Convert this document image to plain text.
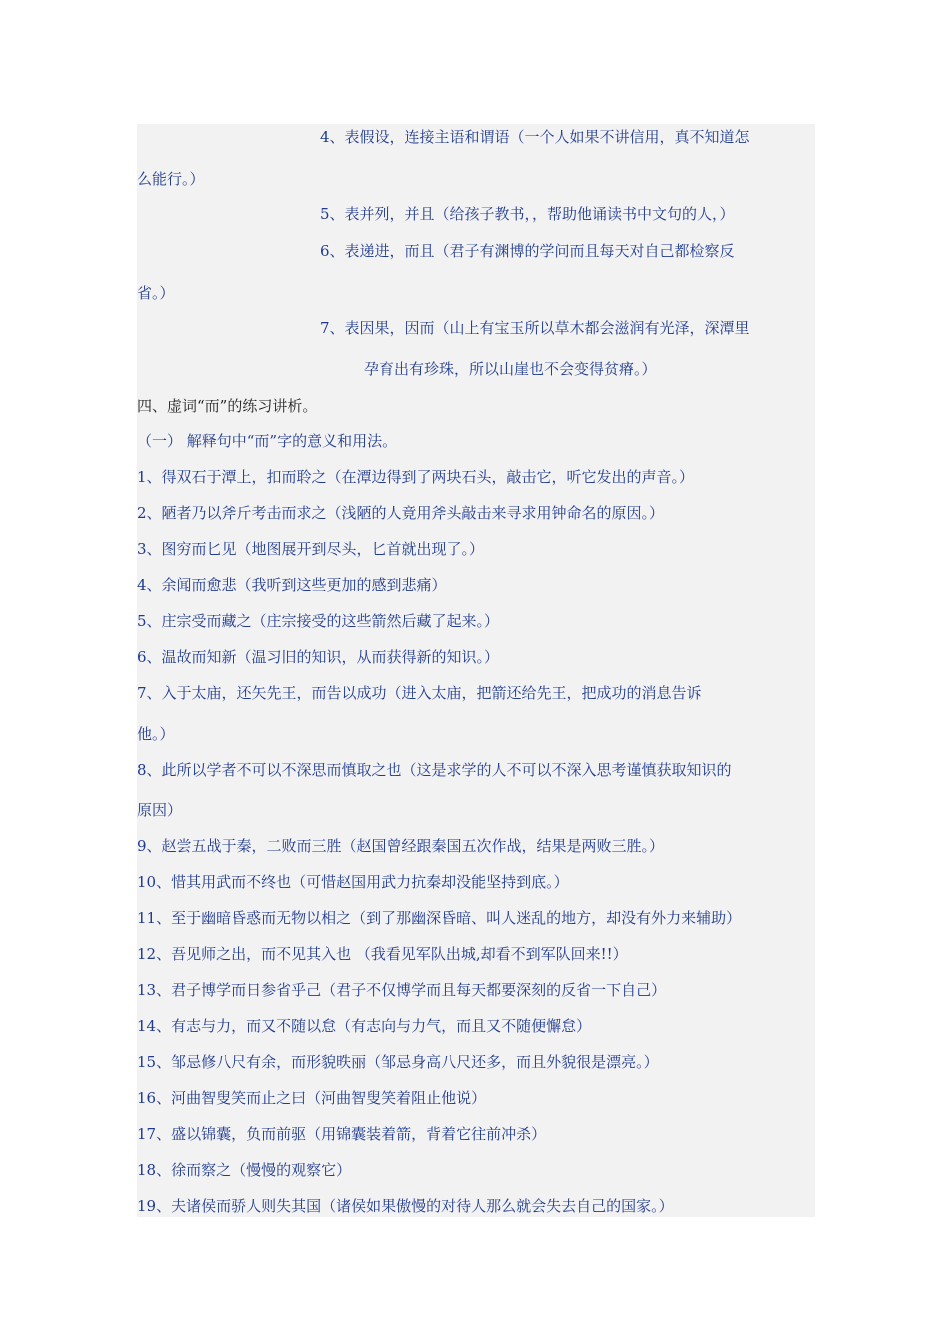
4、表假设，连接主语和谓语（一个人如果不讲信用，真不知道怎

么能行。）

5、表并列，并且（给孩子教书，，帮助他诵读书中文句的人，）

6、表递进，而且（君子有渊博的学问而且每天对自己都检察反

省。）

7、表因果，因而（山上有宝玉所以草木都会滋润有光泽，深潭里

孕育出有珍珠，所以山崖也不会变得贫瘠。）

四、虚词“而”的练习讲析。

（一） 解释句中“而”字的意义和用法。

1、得双石于潭上，扣而聆之（在潭边得到了两块石头，敲击它，听它发出的声音。）

2、陋者乃以斧斤考击而求之（浅陋的人竟用斧头敲击来寻求用钟命名的原因。）

3、图穷而匕见（地图展开到尽头，匕首就出现了。）

4、余闻而愈悲（我听到这些更加的感到悲痛）

5、庄宗受而藏之（庄宗接受的这些箭然后藏了起来。）

6、温故而知新（温习旧的知识，从而获得新的知识。）

7、入于太庙，还矢先王，而告以成功（进入太庙，把箭还给先王，把成功的消息告诉

他。）

8、此所以学者不可以不深思而慎取之也（这是求学的人不可以不深入思考谨慎获取知识的

原因）

9、赵尝五战于秦，二败而三胜（赵国曾经跟秦国五次作战，结果是两败三胜。）

10、惜其用武而不终也（可惜赵国用武力抗秦却没能坚持到底。）

11、至于幽暗昏惑而无物以相之（到了那幽深昏暗、叫人迷乱的地方，却没有外力来辅助）

12、吾见师之出，而不见其入也 （我看见军队出城,却看不到军队回来!!）

13、君子博学而日参省乎己（君子不仅博学而且每天都要深刻的反省一下自己）

14、有志与力，而又不随以怠（有志向与力气，而且又不随便懈怠）

15、邹忌修八尺有余，而形貌昳丽（邹忌身高八尺还多，而且外貌很是漂亮。）

16、河曲智叟笑而止之曰（河曲智叟笑着阻止他说）

17、盛以锦囊，负而前驱（用锦囊装着箭，背着它往前冲杀）

18、徐而察之（慢慢的观察它）

19、夫诸侯而骄人则失其国（诸侯如果傲慢的对待人那么就会失去自己的国家。）
